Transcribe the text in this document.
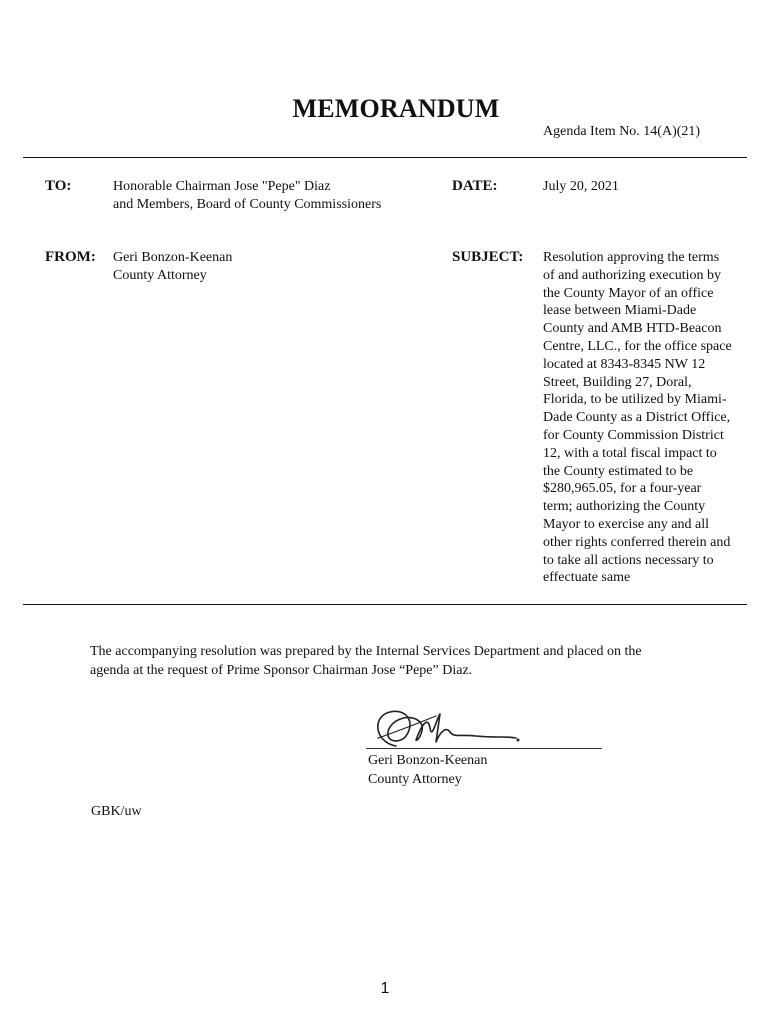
MEMORANDUM
Agenda Item No. 14(A)(21)
TO:	Honorable Chairman Jose "Pepe" Diaz
and Members, Board of County Commissioners
DATE:	July 20, 2021
FROM: Geri Bonzon-Keenan
County Attorney
SUBJECT: Resolution approving the terms
of and authorizing execution by
the County Mayor of an office
lease between Miami-Dade
County and AMB HTD-Beacon
Centre, LLC., for the office space
located at 8343-8345 NW 12
Street, Building 27, Doral,
Florida, to be utilized by Miami-
Dade County as a District Office,
for County Commission District
12, with a total fiscal impact to
the County estimated to be
$280,965.05, for a four-year
term; authorizing the County
Mayor to exercise any and all
other rights conferred therein and
to take all actions necessary to
effectuate same
The accompanying resolution was prepared by the Internal Services Department and placed on the
agenda at the request of Prime Sponsor Chairman Jose “Pepe” Diaz.
Geri Bonzon-Keenan
County Attorney
GBK/uw
1
